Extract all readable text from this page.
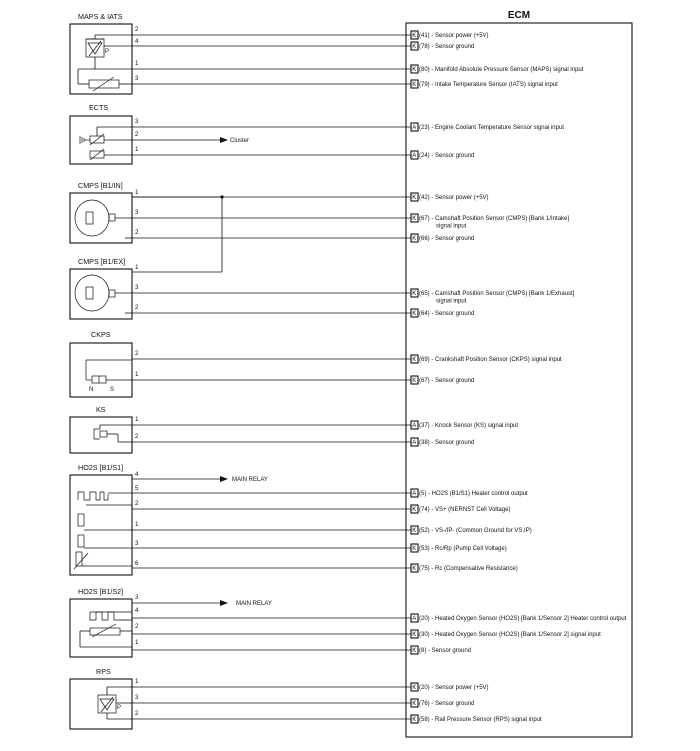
ECM
MAPS & IATS
P
ECTS
Cluster
CMPS [B1/IN]
CMPS [B1/EX]
CKPS
N	S
KS
HO2S [B1/S1]
MAIN RELAY
HO2S [B1/S2]
MAIN RELAY
RPS
P
2
4
1
3
3
2
1
1
3
2
1
3
2
2
1
1
2
4
5
2
1
3
6
3
4
2
1
1
3
2
K (41) - Sensor power (+5V)
K (78) - Sensor ground
K (80) - Manifold Absolute Pressure Sensor (MAPS) signal input
K (79) - Intake Temperature Sensor (IATS) signal input
A (23) - Engine Coolant Temperature Sensor signal input
A (24) - Sensor ground
K (42) - Sensor power (+5V)
K (67) - Camshaft Position Sensor (CMPS) [Bank 1/Intake]
signal input
K (66) - Sensor ground
K (65) - Camshaft Position Sensor (CMPS) [Bank 1/Exhaust]
signal input
K (64) - Sensor ground
K (69) - Crankshaft Position Sensor (CKPS) signal input
K (67) - Sensor ground
A (37) - Knock Sensor (KS) signal input
A (38) - Sensor ground
A (5) - HO2S (B1/S1) Heater control output
K (74) - VS+ (NERNST Cell Voltage)
K (52) - VS-/IP- (Common Ground for VS,IP)
K (53) - Rc/Rp (Pump Cell Voltage)
K (75) - Rc (Compensative Resistance)
A (20) - Heated Oxygen Sensor (HO2S) [Bank 1/Sensor 2] Heater control output
K (30) - Heated Oxygen Sensor (HO2S) [Bank 1/Sensor 2] signal input
K (8) - Sensor ground
K (20) - Sensor power (+5V)
K (76) - Sensor ground
K (58) - Rail Pressure Sensor (RPS) signal input
